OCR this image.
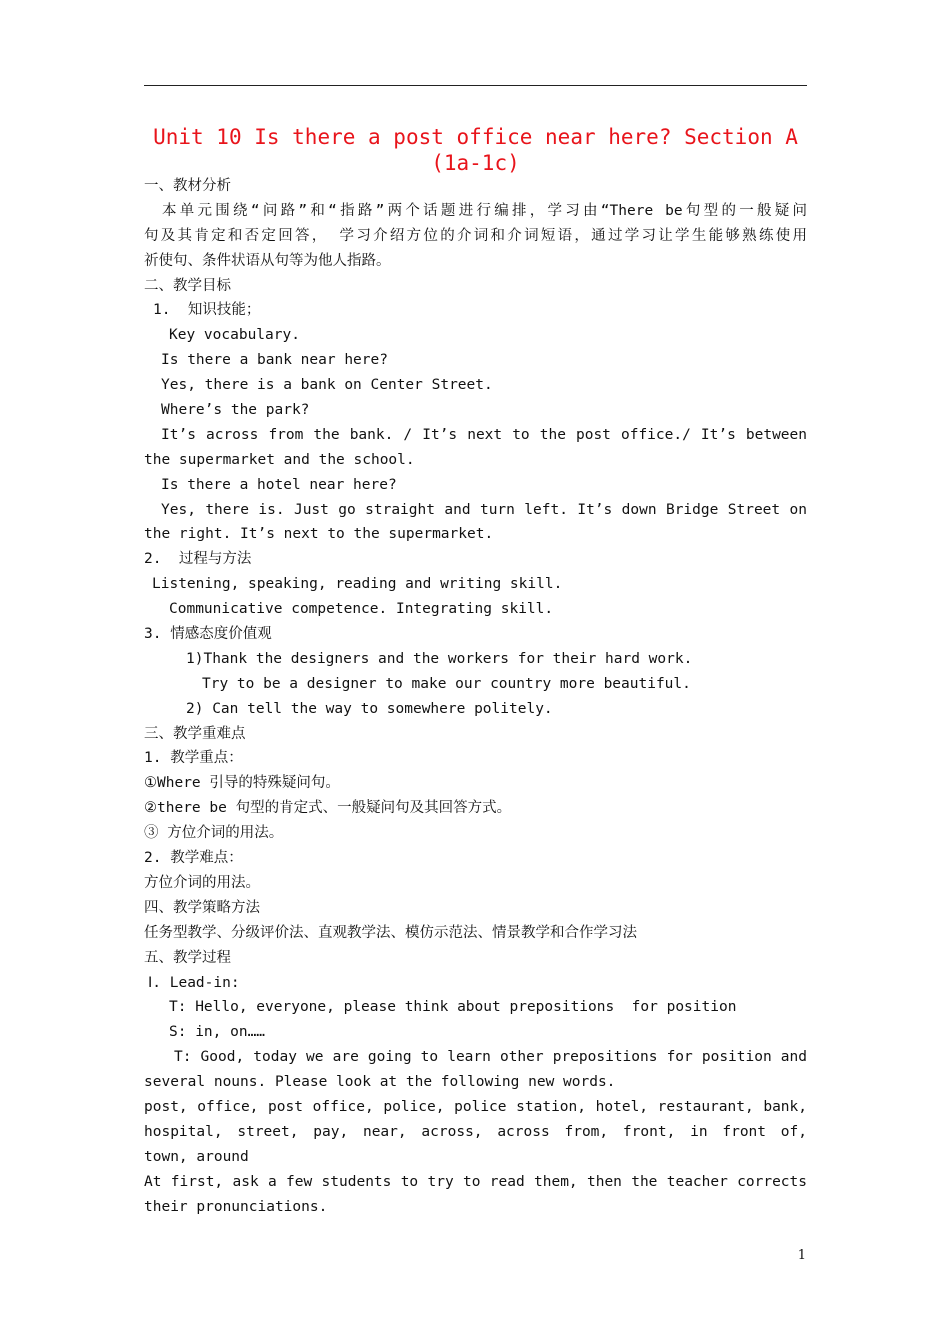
Unit 10 Is there a post office near here? Section A (1a-1c)
一、教材分析
本单元围绕“问路”和“指路”两个话题进行编排，学习由“There be句型的一般疑问
句及其肯定和否定回答， 学习介绍方位的介词和介词短语，通过学习让学生能够熟练使用
祈使句、条件状语从句等为他人指路。
二、教学目标
1.  知识技能；
Key vocabulary.
Is there a bank near here?
Yes, there is a bank on Center Street.
Where’s the park?
It’s across from the bank. / It’s next to the post office./ It’s between
the supermarket and the school.
Is there a hotel near here?
Yes, there is. Just go straight and turn left. It’s down Bridge Street on
the right. It’s next to the supermarket.
2.  过程与方法
Listening, speaking, reading and writing skill.
Communicative competence. Integrating skill.
3. 情感态度价值观
1)Thank the designers and the workers for their hard work.
Try to be a designer to make our country more beautiful.
2) Can tell the way to somewhere politely.
三、教学重难点
1. 教学重点：
①Where 引导的特殊疑问句。
②there be 句型的肯定式、一般疑问句及其回答方式。
③ 方位介词的用法。
2. 教学难点：
方位介词的用法。
四、教学策略方法
任务型教学、分级评价法、直观教学法、模仿示范法、情景教学和合作学习法
五、教学过程
Ⅰ. Lead-in:
T: Hello, everyone, please think about prepositions  for position
S: in, on……
T: Good, today we are going to learn other prepositions for position and
several nouns. Please look at the following new words.
post, office, post office, police, police station, hotel, restaurant, bank,
hospital, street, pay, near, across, across from, front, in front of,
town, around
At first, ask a few students to try to read them, then the teacher corrects
their pronunciations.
1
